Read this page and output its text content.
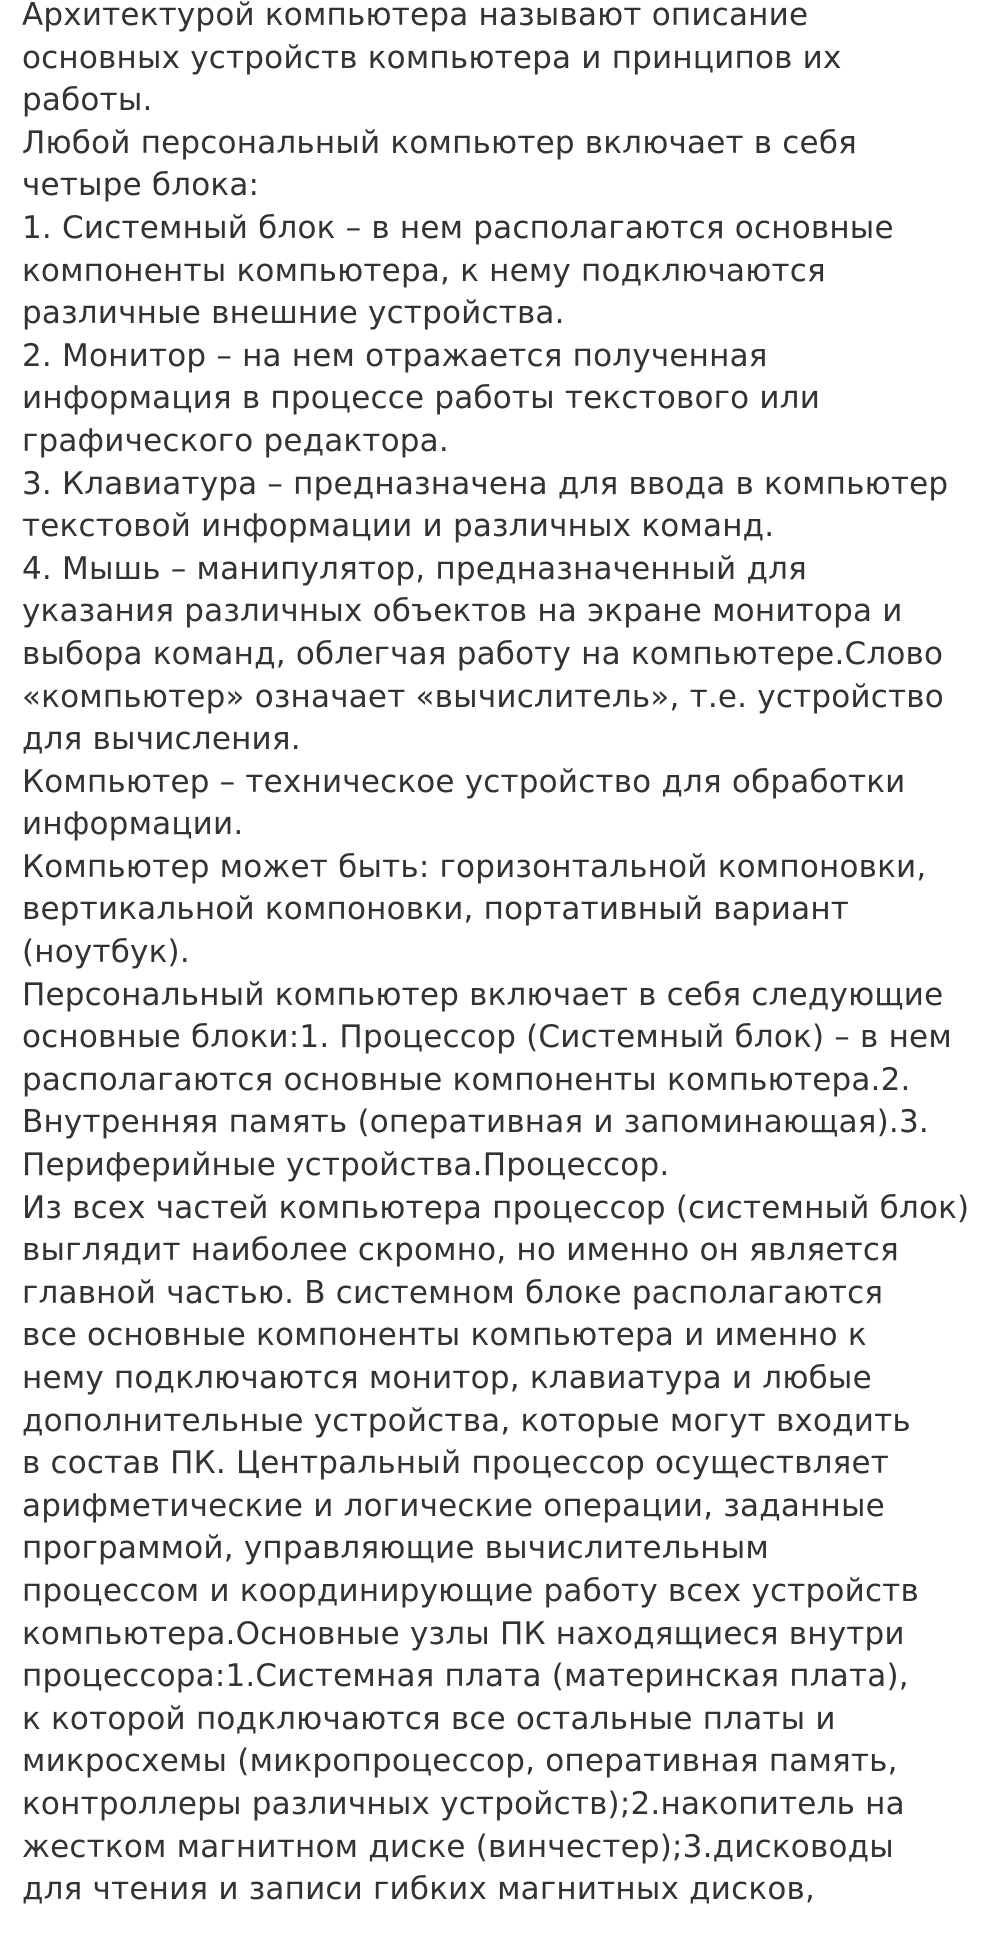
Архитектурой компьютера называют описание
основных устройств компьютера и принципов их
работы.
Любой персональный компьютер включает в себя
четыре блока:
1. Системный блок – в нем располагаются основные
компоненты компьютера, к нему подключаются
различные внешние устройства.
2. Монитор – на нем отражается полученная
информация в процессе работы текстового или
графического редактора.
3. Клавиатура – предназначена для ввода в компьютер
текстовой информации и различных команд.
4. Мышь – манипулятор, предназначенный для
указания различных объектов на экране монитора и
выбора команд, облегчая работу на компьютере.Слово
«компьютер» означает «вычислитель», т.е. устройство
для вычисления.
Компьютер – техническое устройство для обработки
информации.
Компьютер может быть: горизонтальной компоновки,
вертикальной компоновки, портативный вариант
(ноутбук).
Персональный компьютер включает в себя следующие
основные блоки:1. Процессор (Системный блок) – в нем
располагаются основные компоненты компьютера.2.
Внутренняя память (оперативная и запоминающая).3.
Периферийные устройства.Процессор.
Из всех частей компьютера процессор (системный блок)
выглядит наиболее скромно, но именно он является
главной частью. В системном блоке располагаются
все основные компоненты компьютера и именно к
нему подключаются монитор, клавиатура и любые
дополнительные устройства, которые могут входить
в состав ПК. Центральный процессор осуществляет
арифметические и логические операции, заданные
программой, управляющие вычислительным
процессом и координирующие работу всех устройств
компьютера.Основные узлы ПК находящиеся внутри
процессора:1.Системная плата (материнская плата),
к которой подключаются все остальные платы и
микросхемы (микропроцессор, оперативная память,
контроллеры различных устройств);2.накопитель на
жестком магнитном диске (винчестер);3.дисководы
для чтения и записи гибких магнитных дисков,
